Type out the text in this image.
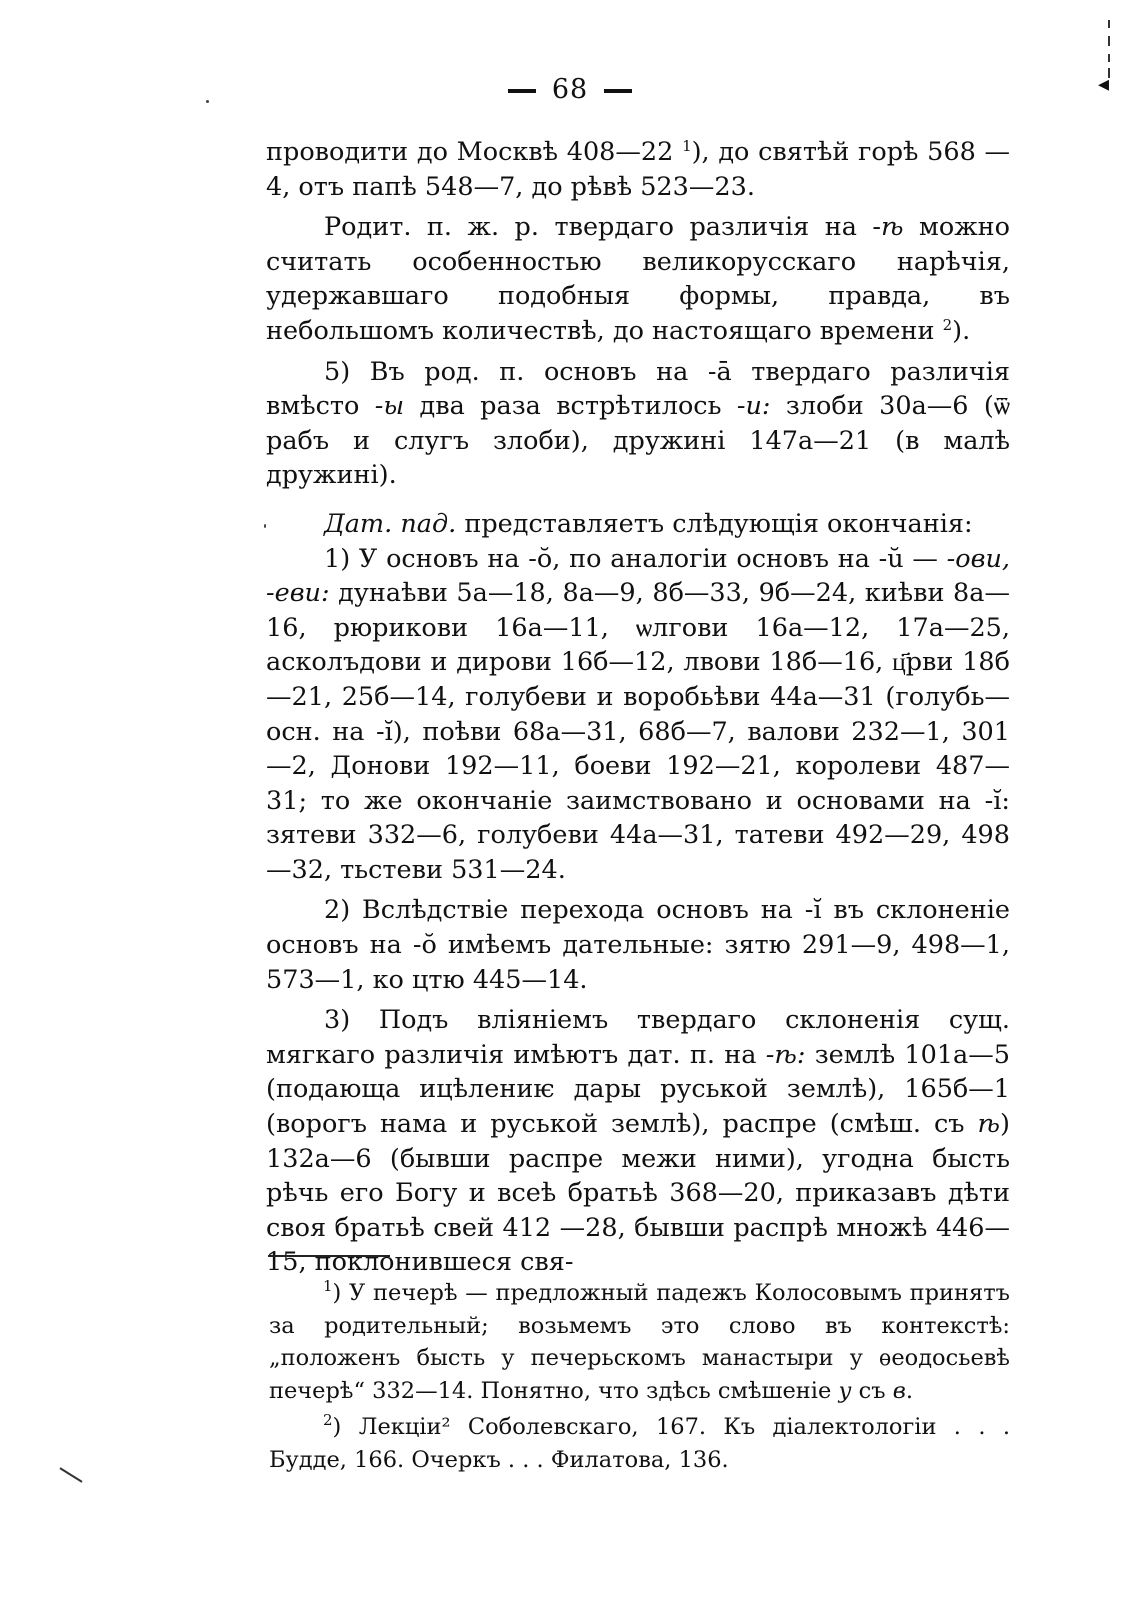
68	◂

проводити до Москвѣ 408—22 $^1$), до святѣй горѣ 568 —4, отъ папѣ 548—7, до рѣвѣ 523—23.

Родит. п. ж. р. твердаго различія на -ѣ можно считать особенностью великорусскаго нарѣчія, удержавшаго подобныя формы, правда, въ небольшомъ количествѣ, до настоящаго времени $^2$).

5) Въ род. п. основъ на -ā твердаго различія вмѣсто -ы два раза встрѣтилось -и: злоби 30а—6 (ѿ рабъ и слугъ злоби), дружині 147а—21 (в малѣ дружині).

Дат. пад. представляетъ слѣдующія окончанія:

1) У основъ на -ŏ, по аналогіи основъ на -ŭ — -ови, -еви: дунаѣви 5а—18, 8а—9, 8б—33, 9б—24, киѣви 8а—16, рюрикови 16а—11, ѡлгови 16а—12, 17а—25, асколъдови и дирови 16б—12, лвови 18б—16, ц҃рви 18б —21, 25б—14, голубеви и воробьѣви 44а—31 (голубь— осн. на -ĭ), поѣви 68а—31, 68б—7, валови 232—1, 301 —2, Донови 192—11, боеви 192—21, королеви 487—31; то же окончаніе заимствовано и основами на -ĭ: зятеви 332—6, голубеви 44а—31, татеви 492—29, 498—32, тьстеви 531—24.

2) Вслѣдствіе перехода основъ на -ĭ въ склоненіе основъ на -ŏ имѣемъ дательные: зятю 291—9, 498—1, 573—1, ко цтю 445—14.

3) Подъ вліяніемъ твердаго склоненія сущ. мягкаго различія имѣютъ дат. п. на -ѣ: землѣ 101а—5 (подающа ицѣлениѥ дары руськой землѣ), 165б—1 (ворогъ нама и руськой землѣ), распре (смѣш. съ ѣ) 132а—6 (бывши распре межи ними), угодна бысть рѣчь его Богу и всеѣ братьѣ 368—20, приказавъ дѣти своя братьѣ свей 412 —28, бывши распрѣ множѣ 446—15, поклонившеся свя-

$^1$) У печерѣ — предложный падежъ Колосовымъ принятъ за родительный; возьмемъ это слово въ контекстѣ: „положенъ бысть у печерьскомъ манастыри у ѳеодосьевѣ печерѣ“ 332—14. Понятно, что здѣсь смѣшеніе у съ в.

$^2$) Лекціи² Соболевскаго, 167. Къ діалектологіи . . . Будде, 166. Очеркъ . . . Филатова, 136.
